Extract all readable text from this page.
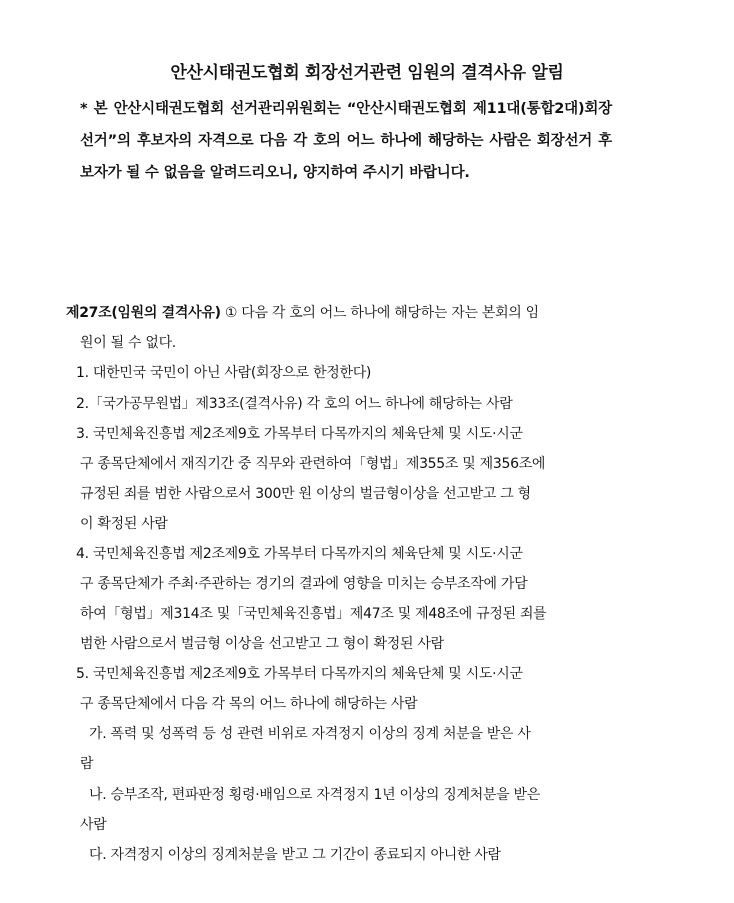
안산시태권도협회 회장선거관련 임원의 결격사유 알림
* 본 안산시태권도협회 선거관리위원회는 “안산시태권도협회 제11대(통합2대)회장선거”의 후보자의 자격으로 다음 각 호의 어느 하나에 해당하는 사람은 회장선거 후보자가 될 수 없음을 알려드리오니, 양지하여 주시기 바랍니다.
제27조(임원의 결격사유) ① 다음 각 호의 어느 하나에 해당하는 자는 본회의 임
원이 될 수 없다.
1. 대한민국 국민이 아닌 사람(회장으로 한정한다)
2.「국가공무원법」제33조(결격사유) 각 호의 어느 하나에 해당하는 사람
3. 국민체육진흥법 제2조제9호 가목부터 다목까지의 체육단체 및 시도·시군
구 종목단체에서 재직기간 중 직무와 관련하여「형법」제355조 및 제356조에
규정된 죄를 범한 사람으로서 300만 원 이상의 벌금형이상을 선고받고 그 형
이 확정된 사람
4. 국민체육진흥법 제2조제9호 가목부터 다목까지의 체육단체 및 시도·시군
구 종목단체가 주최·주관하는 경기의 결과에 영향을 미치는 승부조작에 가담
하여「형법」제314조 및「국민체육진흥법」제47조 및 제48조에 규정된 죄를
범한 사람으로서 벌금형 이상을 선고받고 그 형이 확정된 사람
5. 국민체육진흥법 제2조제9호 가목부터 다목까지의 체육단체 및 시도·시군
구 종목단체에서 다음 각 목의 어느 하나에 해당하는 사람
가. 폭력 및 성폭력 등 성 관련 비위로 자격정지 이상의 징계 처분을 받은 사
람
나. 승부조작, 편파판정 횡령·배임으로 자격정지 1년 이상의 징계처분을 받은
사람
다. 자격정지 이상의 징계처분을 받고 그 기간이 종료되지 아니한 사람
